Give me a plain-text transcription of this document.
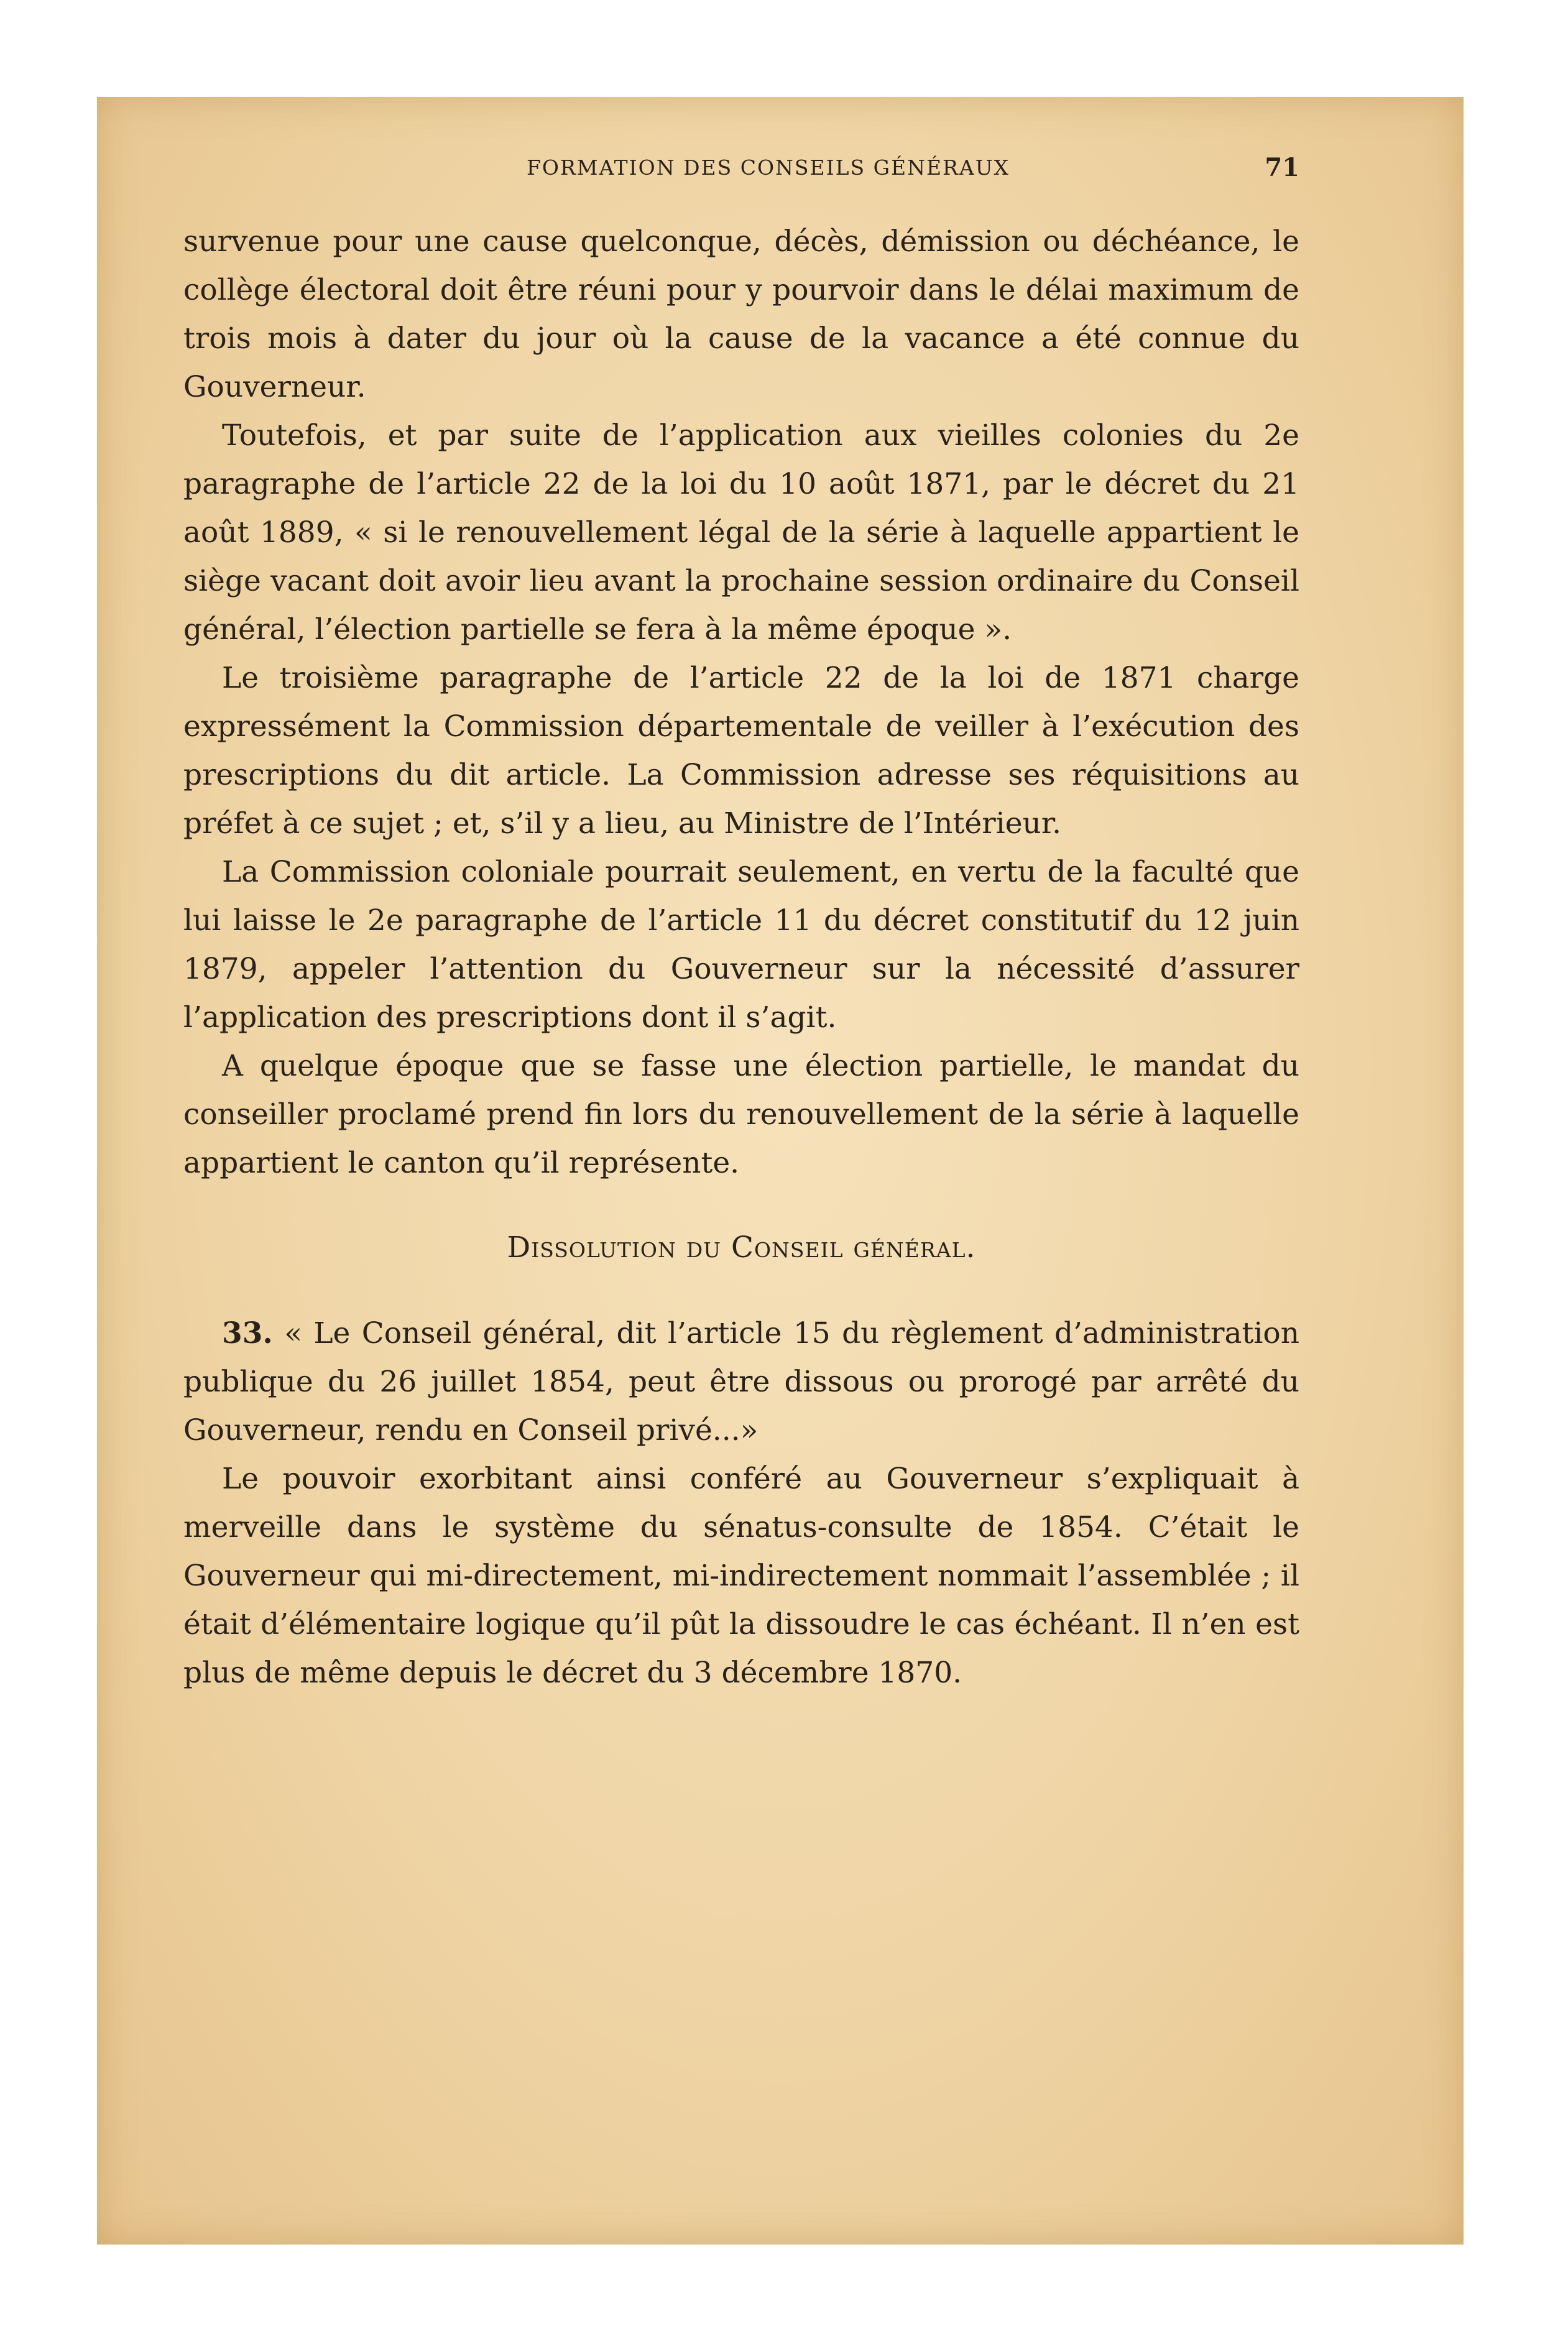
FORMATION DES CONSEILS GÉNÉRAUX	71

survenue pour une cause quelconque, décès, démission ou déchéance, le collège électoral doit être réuni pour y pourvoir dans le délai maximum de trois mois à dater du jour où la cause de la vacance a été connue du Gouverneur.

Toutefois, et par suite de l’application aux vieilles colonies du 2e paragraphe de l’article 22 de la loi du 10 août 1871, par le décret du 21 août 1889, « si le renouvellement légal de la série à laquelle appartient le siège vacant doit avoir lieu avant la prochaine session ordinaire du Conseil général, l’élection partielle se fera à la même époque ».

Le troisième paragraphe de l’article 22 de la loi de 1871 charge expressément la Commission départementale de veiller à l’exécution des prescriptions du dit article. La Commission adresse ses réquisitions au préfet à ce sujet ; et, s’il y a lieu, au Ministre de l’Intérieur.

La Commission coloniale pourrait seulement, en vertu de la faculté que lui laisse le 2e paragraphe de l’article 11 du décret constitutif du 12 juin 1879, appeler l’attention du Gouverneur sur la nécessité d’assurer l’application des prescriptions dont il s’agit.

A quelque époque que se fasse une élection partielle, le mandat du conseiller proclamé prend fin lors du renouvellement de la série à laquelle appartient le canton qu’il représente.

Dissolution du Conseil général.

33. « Le Conseil général, dit l’article 15 du règlement d’administration publique du 26 juillet 1854, peut être dissous ou prorogé par arrêté du Gouverneur, rendu en Conseil privé...»

Le pouvoir exorbitant ainsi conféré au Gouverneur s’expliquait à merveille dans le système du sénatus-consulte de 1854. C’était le Gouverneur qui mi-directement, mi-indirectement nommait l’assemblée ; il était d’élémentaire logique qu’il pût la dissoudre le cas échéant. Il n’en est plus de même depuis le décret du 3 décembre 1870.
